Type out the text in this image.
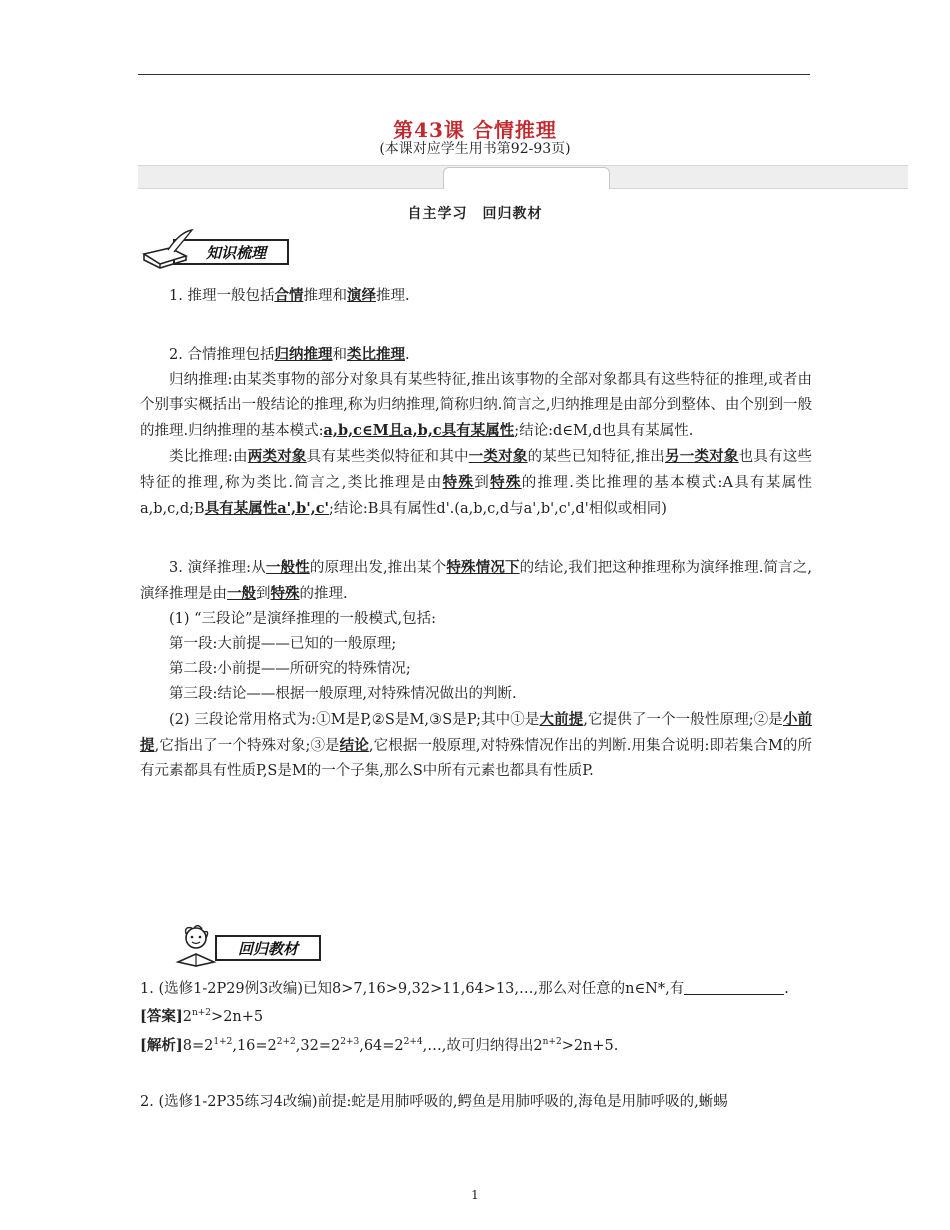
第43课 合情推理
(本课对应学生用书第92-93页)
自主学习　回归教材
知识梳理

1. 推理一般包括合情推理和演绎推理.

2. 合情推理包括归纳推理和类比推理.

归纳推理:由某类事物的部分对象具有某些特征,推出该事物的全部对象都具有这些特征的推理,或者由个别事实概括出一般结论的推理,称为归纳推理,简称归纳.简言之,归纳推理是由部分到整体、由个别到一般的推理.归纳推理的基本模式:a,b,c∈M且a,b,c具有某属性;结论:d∈M,d也具有某属性.

类比推理:由两类对象具有某些类似特征和其中一类对象的某些已知特征,推出另一类对象也具有这些特征的推理,称为类比.简言之,类比推理是由特殊到特殊的推理.类比推理的基本模式:A具有某属性a,b,c,d;B具有某属性a',b',c';结论:B具有属性d'.(a,b,c,d与a',b',c',d'相似或相同)

3. 演绎推理:从一般性的原理出发,推出某个特殊情况下的结论,我们把这种推理称为演绎推理.简言之,演绎推理是由一般到特殊的推理.

(1) “三段论”是演绎推理的一般模式,包括:

第一段:大前提——已知的一般原理;

第二段:小前提——所研究的特殊情况;

第三段:结论——根据一般原理,对特殊情况做出的判断.

(2) 三段论常用格式为:①M是P,②S是M,③S是P;其中①是大前提,它提供了一个一般性原理;②是小前提,它指出了一个特殊对象;③是结论,它根据一般原理,对特殊情况作出的判断.用集合说明:即若集合M的所有元素都具有性质P,S是M的一个子集,那么S中所有元素也都具有性质P.

回归教材
1. (选修1-2P29例3改编)已知8>7,16>9,32>11,64>13,…,那么对任意的n∈N*,有	.
[答案]$2^{n+2}>2n+5$
[解析]$8=2^{1+2},16=2^{2+2},32=2^{2+3},64=2^{2+4},\dots$,故可归纳得出$2^{n+2}>2n+5$.
2. (选修1-2P35练习4改编)前提:蛇是用肺呼吸的,鳄鱼是用肺呼吸的,海龟是用肺呼吸的,蜥蜴
1
